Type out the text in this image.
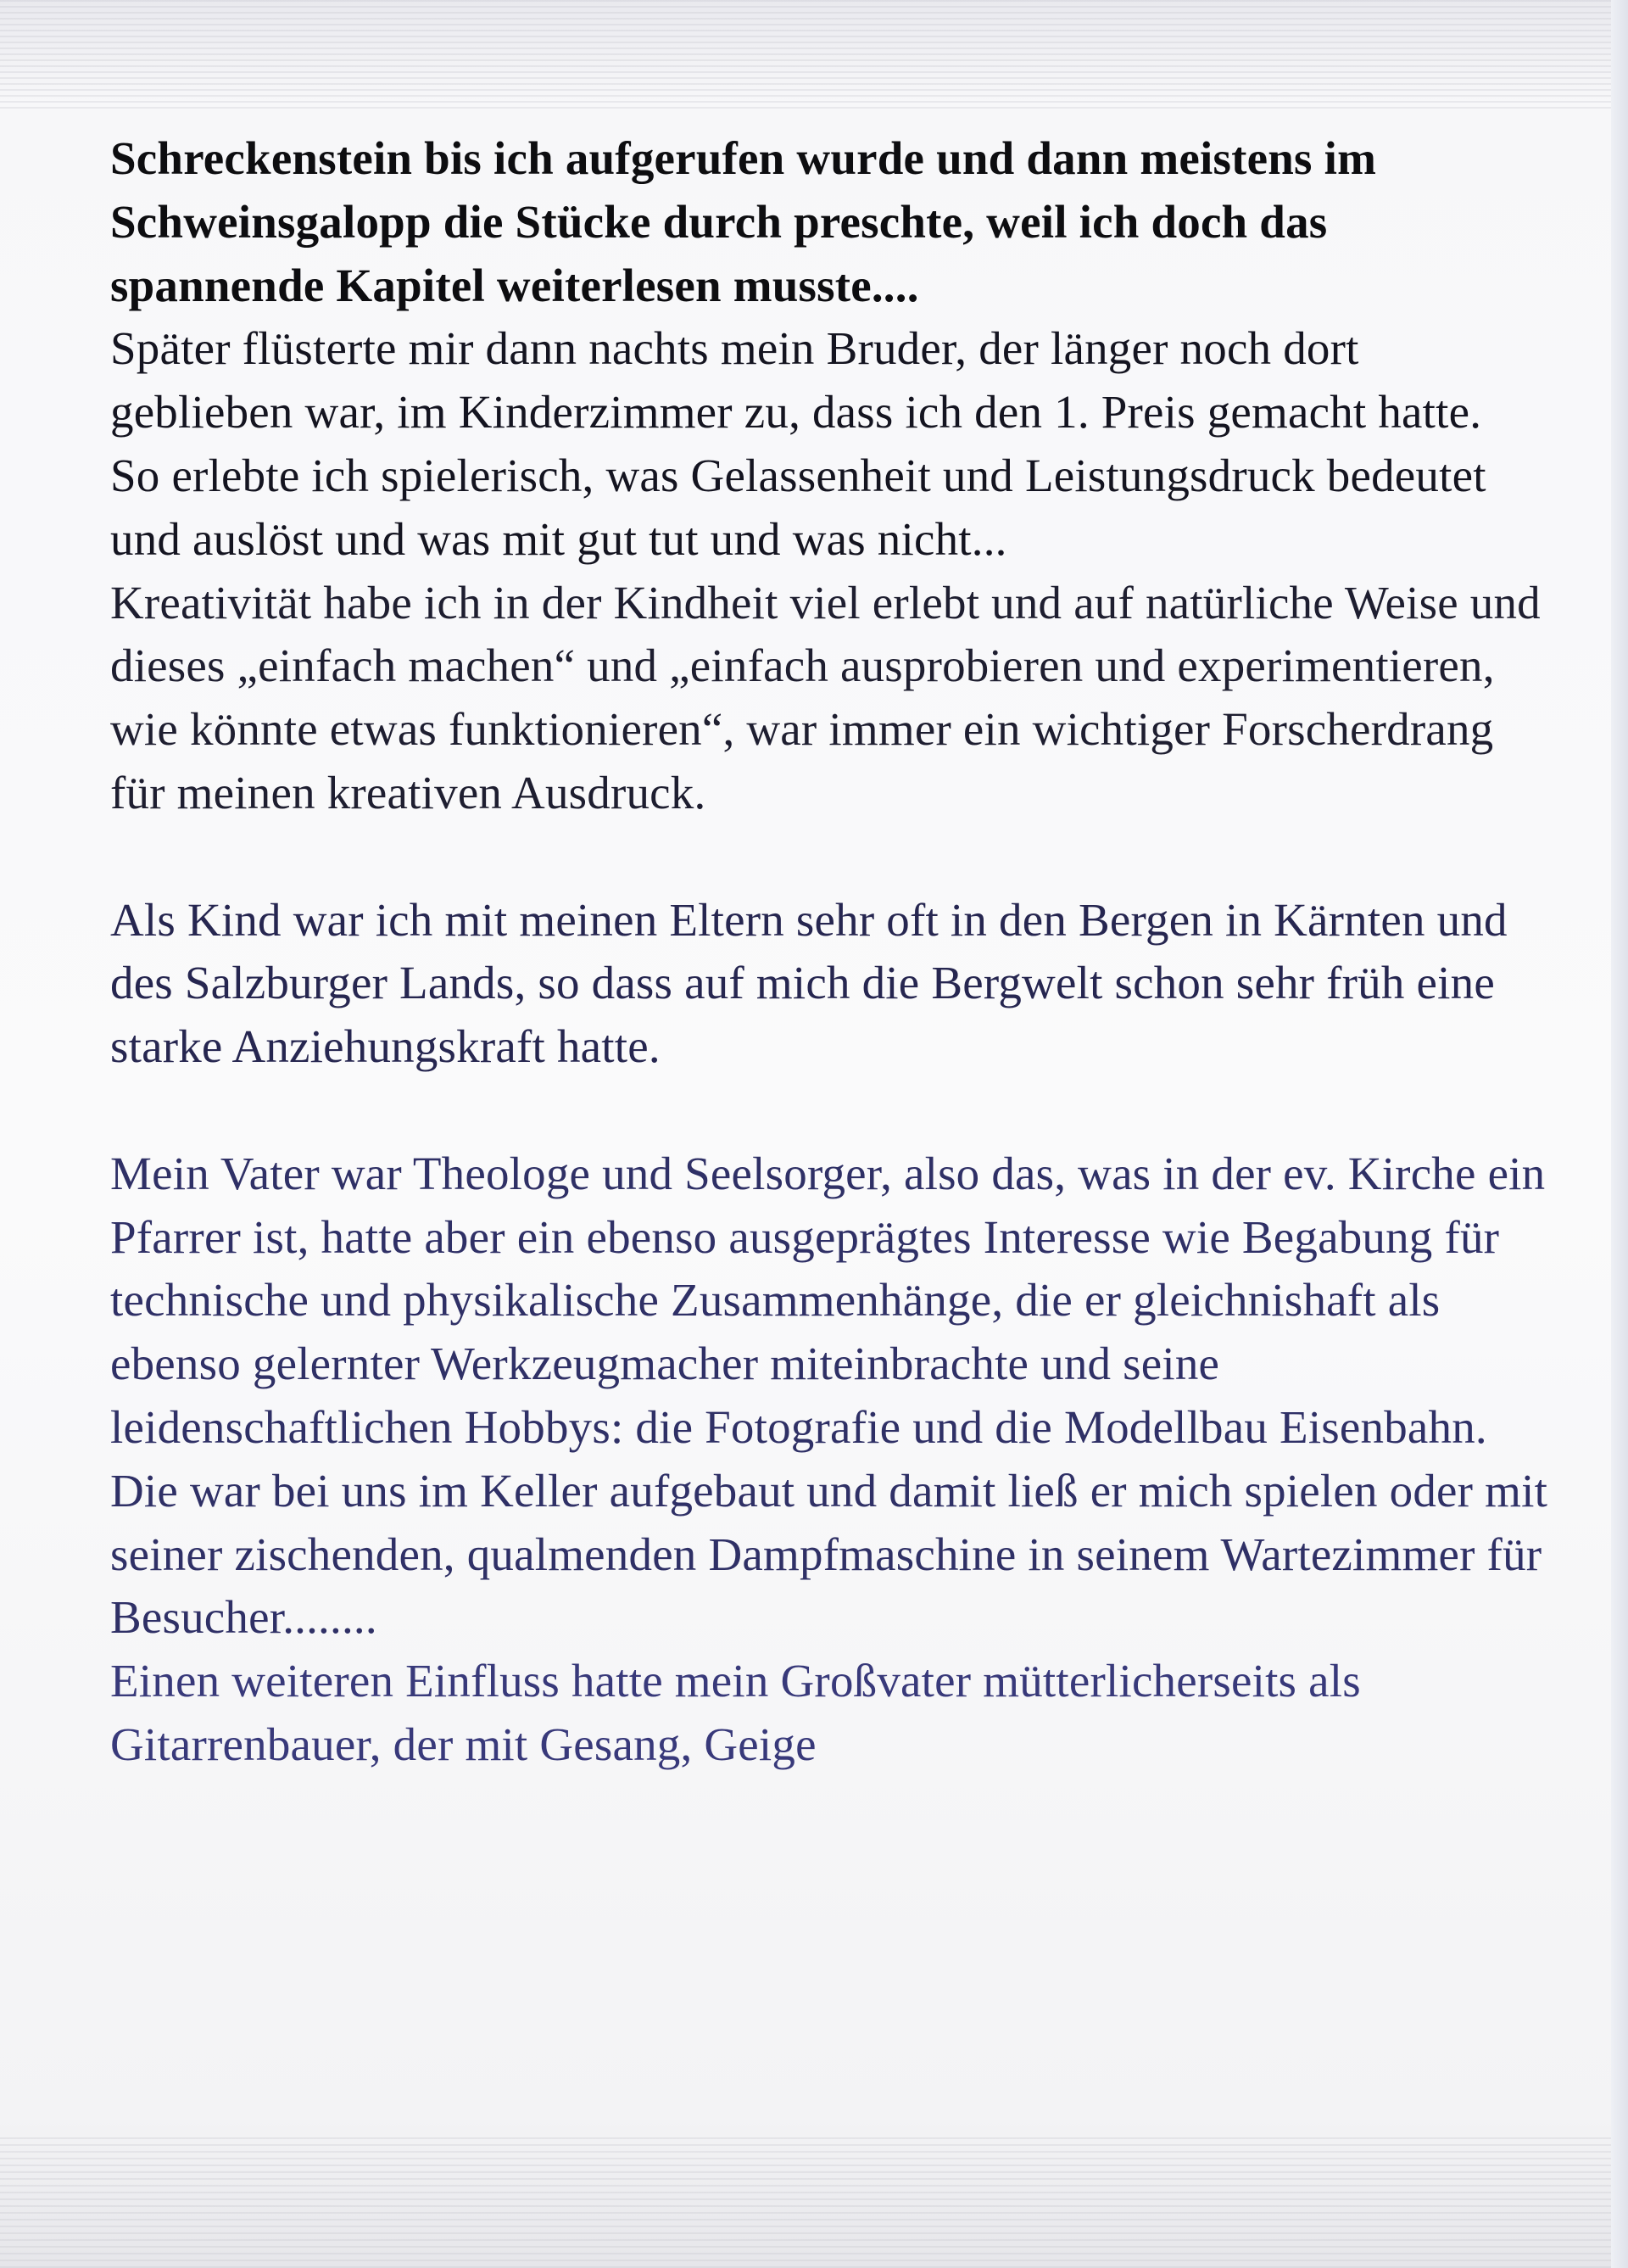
Schreckenstein bis ich aufgerufen wurde und dann meistens im Schweinsgalopp die Stücke durch preschte, weil ich doch das spannende Kapitel weiterlesen musste....

Später flüsterte mir dann nachts mein Bruder, der länger noch dort geblieben war, im Kinderzimmer zu, dass ich den 1. Preis gemacht hatte.

So erlebte ich spielerisch, was Gelassenheit und Leistungsdruck bedeutet und auslöst und was mit gut tut und was nicht...

Kreativität habe ich in der Kindheit viel erlebt und auf natürliche Weise und dieses „einfach machen“ und „einfach ausprobieren und experimentieren, wie könnte etwas funktionieren“, war immer ein wichtiger Forscherdrang für meinen kreativen Ausdruck.

Als Kind war ich mit meinen Eltern sehr oft in den Bergen in Kärnten und des Salzburger Lands, so dass auf mich die Bergwelt schon sehr früh eine starke Anziehungskraft hatte.

Mein Vater war Theologe und Seelsorger, also das, was in der ev. Kirche ein Pfarrer ist, hatte aber ein ebenso ausgeprägtes Interesse wie Begabung für technische und physikalische Zusammenhänge, die er gleichnishaft als ebenso gelernter Werkzeugmacher miteinbrachte und seine leidenschaftlichen Hobbys: die Fotografie und die Modellbau Eisenbahn. Die war bei uns im Keller aufgebaut und damit ließ er mich spielen oder mit seiner zischenden, qualmenden Dampfmaschine in seinem Wartezimmer für Besucher........

Einen weiteren Einfluss hatte mein Großvater mütterlicherseits als Gitarrenbauer, der mit Gesang, Geige
